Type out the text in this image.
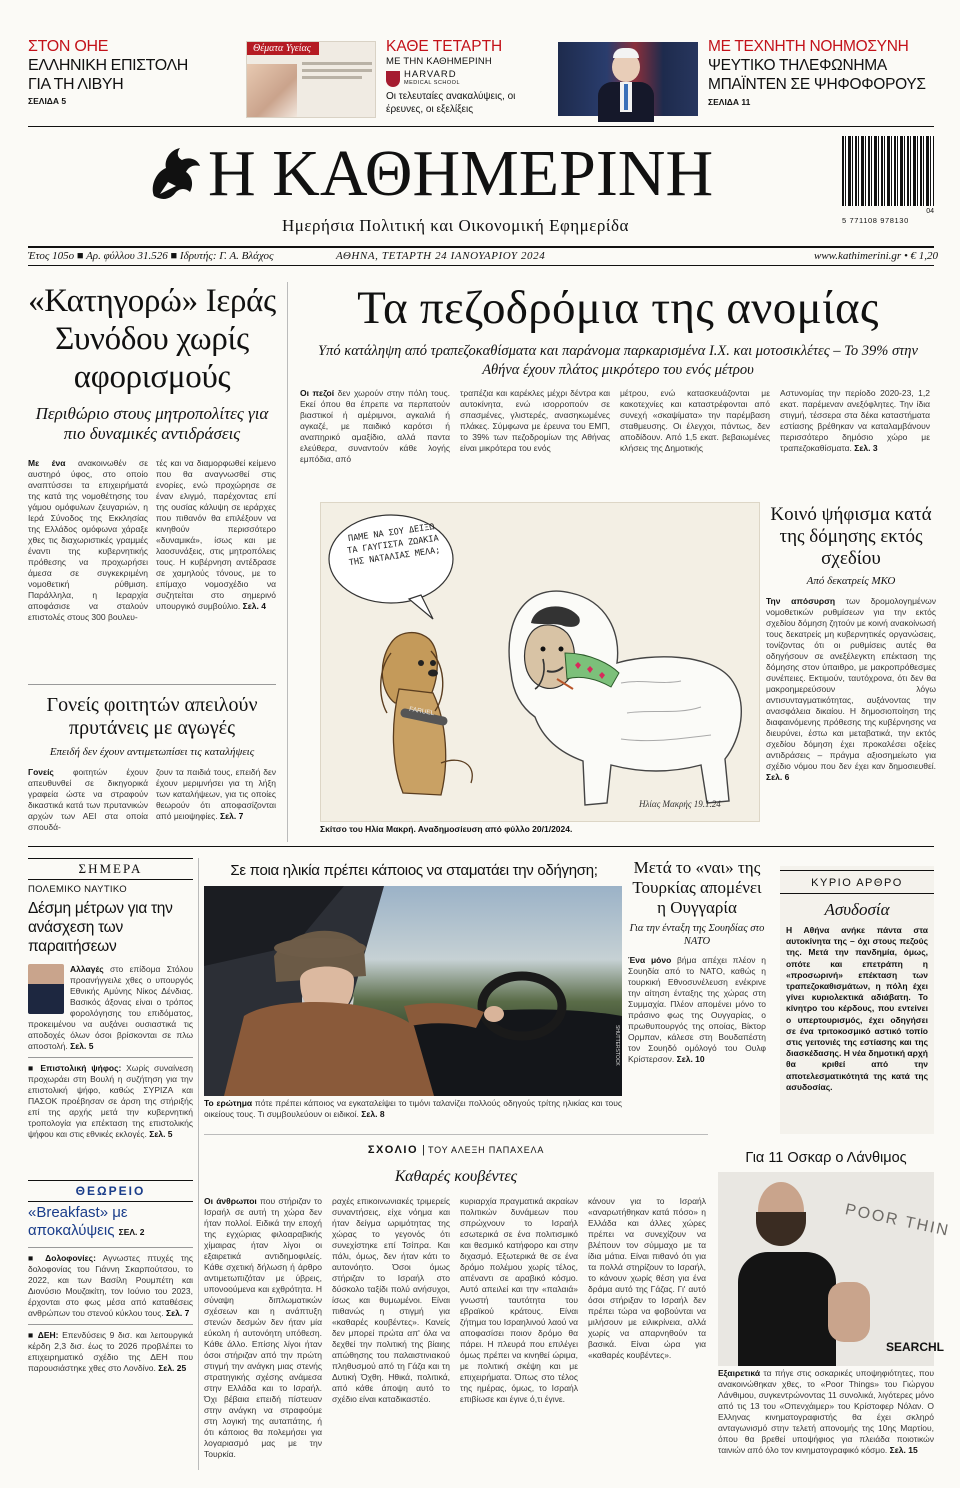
ΣΤΟΝ ΟΗΕ
ΕΛΛΗΝΙΚΗ ΕΠΙΣΤΟΛΗ ΓΙΑ ΤΗ ΛΙΒΥΗ
ΣΕΛΙΔΑ 5
Θέματα Υγείας	ΚΑΘΕ ΤΕΤΑΡΤΗ
ΜΕ ΤΗΝ ΚΑΘΗΜΕΡΙΝΗ
HARVARD
MEDICAL SCHOOL
Οι τελευταίες ανακαλύψεις, οι έρευνες, οι εξελίξεις
ΜΕ ΤΕΧΝΗΤΗ ΝΟΗΜΟΣΥΝΗ
ΨΕΥΤΙΚΟ ΤΗΛΕΦΩΝΗΜΑ ΜΠΑΪΝΤΕΝ ΣΕ ΨΗΦΟΦΟΡΟΥΣ
ΣΕΛΙΔΑ 11
Η ΚΑΘΗΜΕΡΙΝΗ
Ημερήσια Πολιτική και Οικονομική Εφημερίδα
04
5 771108 978130
Έτος 105ο ■ Αρ. φύλλου 31.526 ■ Ιδρυτής: Γ. Α. Βλάχος	ΑΘΗΝΑ, ΤΕΤΑΡΤΗ 24 ΙΑΝΟΥΑΡΙΟΥ 2024	www.kathimerini.gr • € 1,20
«Κατηγορώ» Ιεράς Συνόδου χωρίς αφορισμούς
Περιθώριο στους μητροπολίτες για πιο δυναμικές αντιδράσεις
Με ένα ανακοινωθέν σε αυστηρό ύφος, στο οποίο αναπτύσσει τα επιχειρήματά της κατά της νομοθέτησης του γάμου ομόφυλων ζευγαριών, η Ιερά Σύνοδος της Εκκλησίας της Ελλάδος ομόφωνα χάραξε χθες τις διαχωριστικές γραμμές έναντι της κυβερνητικής πρόθεσης να προχωρήσει άμεσα σε συγκεκριμένη νομοθετική ρύθμιση. Παράλληλα, η Ιεραρχία αποφάσισε να σταλούν επιστολές στους 300 βουλευ-
τές και να διαμορφωθεί κείμενο που θα αναγνωσθεί στις ενορίες, ενώ προχώρησε σε έναν ελιγμό, παρέχοντας επί της ουσίας κάλυψη σε ιεράρχες που πιθανόν θα επιλέξουν να κινηθούν περισσότερο «δυναμικά», ίσως και με λαοσυνάξεις, στις μητροπόλεις τους. Η κυβέρνηση αντέδρασε σε χαμηλούς τόνους, με το επίμαχο νομοσχέδιο να συζητείται στο σημερινό υπουργικό συμβούλιο. Σελ. 4
Γονείς φοιτητών απειλούν πρυτάνεις με αγωγές
Επειδή δεν έχουν αντιμετωπίσει τις καταλήψεις
Γονείς φοιτητών έχουν απευθυνθεί σε δικηγορικά γραφεία ώστε να στραφούν δικαστικά κατά των πρυτανικών αρχών των ΑΕΙ στα οποία σπουδά-
ζουν τα παιδιά τους, επειδή δεν έχουν μεριμνήσει για τη λήξη των καταλήψεων, για τις οποίες θεωρούν ότι αποφασίζονται από μειοψηφίες. Σελ. 7
Τα πεζοδρόμια της ανομίας
Υπό κατάληψη από τραπεζοκαθίσματα και παράνομα παρκαρισμένα Ι.Χ. και μοτοσικλέτες – Το 39% στην Αθήνα έχουν πλάτος μικρότερο του ενός μέτρου
Οι πεζοί δεν χωρούν στην πόλη τους. Εκεί όπου θα έπρεπε να περπατούν βιαστικοί ή αμέριμνοι, αγκαλιά ή αγκαζέ, με παιδικό καρότσι ή αναπηρικό αμαξίδιο, αλλά παντα ελεύθερα, συναντούν κάθε λογής εμπόδια, από
τραπέζια και καρέκλες μέχρι δέντρα και αυτοκίνητα, ενώ ισορροπούν σε σπασμένες, γλιστερές, ανασηκωμένες πλάκες. Σύμφωνα με έρευνα του ΕΜΠ, το 39% των πεζοδρομίων της Αθήνας είναι μικρότερα του ενός
μέτρου, ενώ κατασκευάζονται με κακοτεχνίες και καταστρέφονται από συνεχή «σκαψίματα» την παρέμβαση σταθμευσης. Οι έλεγχοι, πάντως, δεν αποδίδουν. Από 1,5 εκατ. βεβαιωμένες κλήσεις της Δημοτικής
Αστυνομίας την περίοδο 2020-23, 1,2 εκατ. παρέμεναν ανεξόφλητες. Την ίδια στιγμή, τέσσερα στα δέκα καταστήματα εστίασης βρέθηκαν να καταλαμβάνουν περισσότερο δημόσιο χώρο με τραπεζοκαθίσματα. Σελ. 3
ΠΑΜΕ ΝΑ ΣΟΥ ΔΕΙΞΩ ΤΑ ΓΑΥΓΙΣΤΑ ΖΩΑΚΙΑ ΤΗΣ ΝΑΤΑΛΙΑΣ ΜΕΛΑ;
FARUEL
Ηλίας Μακρής 19.1.24
Σκίτσο του Ηλία Μακρή. Αναδημοσίευση από φύλλο 20/1/2024.
Κοινό ψήφισμα κατά της δόμησης εκτός σχεδίου
Από δεκατρείς ΜΚΟ
Την απόσυρση των δρομολογημένων νομοθετικών ρυθμίσεων για την εκτός σχεδίου δόμηση ζητούν με κοινή ανακοίνωσή τους δεκατρείς μη κυβερνητικές οργανώσεις, τονίζοντας ότι οι ρυθμίσεις αυτές θα οδηγήσουν σε ανεξέλεγκτη επέκταση της δόμησης στον ύπαιθρο, με μακροπρόθεσμες συνέπειες. Εκτιμούν, ταυτόχρονα, ότι δεν θα μακροημερεύσουν λόγω αντισυνταγματικότητας, αυξάνοντας την ανασφάλεια δικαίου. Η δημοσιοποίηση της διαφαινόμενης πρόθεσης της κυβέρνησης να διευρύνει, έστω και μεταβατικά, την εκτός σχεδίου δόμηση έχει προκαλέσει οξείες αντιδράσεις – πράγμα αξιοσημείωτο για σχέδιο νόμου που δεν έχει καν δημοσιευθεί. Σελ. 6
ΣΗΜΕΡΑ
ΠΟΛΕΜΙΚΟ ΝΑΥΤΙΚΟ
Δέσμη μέτρων για την ανάσχεση των παραιτήσεων
Αλλαγές στο επίδομα Στόλου προανήγγειλε χθες ο υπουργός Εθνικής Αμύνης Νίκος Δένδιας. Βασικός άξονας είναι ο τρόπος φορολόγησης του επιδόματος, προκειμένου να αυξάνει ουσιαστικά τις αποδοχές όλων όσοι βρίσκονται σε πλω αποστολή. Σελ. 5
■ Επιστολική ψήφος: Χωρίς συναίνεση προχωράει στη Βουλή η συζήτηση για την επιστολική ψήφο, καθώς ΣΥΡΙΖΑ και ΠΑΣΟΚ προέβησαν σε άρση της στήριξής επί της αρχής μετά την κυβερνητική τροπολογία για επέκταση της επιστολικής ψήφου και στις εθνικές εκλογές. Σελ. 5
ΘΕΩΡΕΙΟ
«Breakfast» με αποκαλύψεις ΣΕΛ. 2
■ Δολοφονίες: Αγνωστες πτυχές της δολοφονίας του Γιάννη Σκαρπούτσου, το 2022, και των Βασίλη Ρουμπέτη και Διονύσιο Μουζακίτη, τον Ιούνιο του 2023, έρχονται στο φως μέσα από καταθέσεις ανθρώπων του στενού κύκλου τους. Σελ. 7
■ ΔΕΗ: Επενδύσεις 9 δισ. και λειτουργικά κέρδη 2,3 δισ. έως το 2026 προβλέπει το επιχειρηματικό σχέδιο της ΔΕΗ που παρουσιάστηκε χθες στο Λονδίνο. Σελ. 25
Σε ποια ηλικία πρέπει κάποιος να σταματάει την οδήγηση;
SHUTTERSTOCK
Το ερώτημα πότε πρέπει κάποιος να εγκαταλείψει το τιμόνι ταλανίζει πολλούς οδηγούς τρίτης ηλικίας και τους οικείους τους. Τι συμβουλεύουν οι ειδικοί. Σελ. 8
Μετά το «ναι» της Τουρκίας απομένει η Ουγγαρία
Για την ένταξη της Σουηδίας στο ΝΑΤΟ
Ένα μόνο βήμα απέχει πλέον η Σουηδία από το ΝΑΤΟ, καθώς η τουρκική Εθνοσυνέλευση ενέκρινε την αίτηση ένταξης της χώρας στη Συμμαχία. Πλέον απομένει μόνο το πράσινο φως της Ουγγαρίας, ο πρωθυπουργός της οποίας, Βίκτορ Ορμπαν, κάλεσε στη Βουδαπέστη τον Σουηδό ομόλογό του Ουλφ Κρίστερσον. Σελ. 10
ΚΥΡΙΟ ΑΡΘΡΟ
Ασυδοσία
Η Αθήνα ανήκε πάντα στα αυτοκίνητα της – όχι στους πεζούς της. Μετά την πανδημία, όμως, οπότε και επετράπη η «προσωρινή» επέκταση των τραπεζοκαθισμάτων, η πόλη έχει γίνει κυριολεκτικά αδιάβατη. Το κίνητρο του κέρδους, που εντείνει ο υπερτουρισμός, έχει οδηγήσει σε ένα τριτοκοσμικό αστικό τοπίο στις γειτονιές της εστίασης και της διασκέδασης. Η νέα δημοτική αρχή θα κριθεί από την αποτελεσματικότητά της κατά της ασυδοσίας.
ΣΧΟΛΙΟ | ΤΟΥ ΑΛΕΞΗ ΠΑΠΑΧΕΛΑ
Καθαρές κουβέντες
Οι άνθρωποι που στήριζαν το Ισραήλ σε αυτή τη χώρα δεν ήταν πολλοί. Ειδικά την εποχή της εγχώριας φιλοαραβικής χίμαιρας ήταν λίγοι οι εξαιρετικά αντιδημοφιλείς. Κάθε σχετική δήλωση ή άρθρο αντιμετωπιζόταν με ύβρεις, υπονοούμενα και εχθρότητα. Η σύναψη διπλωματικών σχέσεων και η ανάπτυξη στενών δεσμών δεν ήταν μία εύκολη ή αυτονόητη υπόθεση. Κάθε άλλο. Επίσης λίγοι ήταν όσοι στήριζαν από την πρώτη στιγμή την ανάγκη μιας στενής στρατηγικής σχέσης ανάμεσα στην Ελλάδα και το Ισραήλ. Όχι βέβαια επειδή πίστευαν στην ανάγκη να στραφούμε στη λογική της αυταπάτης, ή ότι κάποιος θα πολεμήσει για λογαριασμό μας με την Τουρκία.
ραχές επικοινωνιακές τριμερείς συναντήσεις, είχε νόημα και ήταν δείγμα ωριμότητας της χώρας το γεγονός ότι συνεχίστηκε επί Τσίπρα. Και πάλι, όμως, δεν ήταν κάτι το αυτονόητο. Όσοι όμως στήριζαν το Ισραήλ στο δύσκολο ταξίδι πολύ ανήσυχοι, ίσως και θυμωμένοι. Είναι πιθανώς η στιγμή για «καθαρές κουβέντες». Κανείς δεν μπορεί πρώτα απ' όλα να δεχθεί την πολιτική της βίαιης απώθησης του παλαιστινιακού πληθυσμού από τη Γάζα και τη Δυτική Όχθη. Ηθικά, πολιτικά, από κάθε άποψη αυτό το σχέδιο είναι καταδικαστέο.
κυριαρχία πραγματικά ακραίων πολιτικών δυνάμεων που σπρώχνουν το Ισραήλ εσωτερικά σε ένα πολιτισμικό και θεσμικό κατήφορο και στην διχασμό. Εξωτερικά θε σε ένα δρόμο πολέμου χωρίς τέλος, απέναντι σε αραβικό κόσμο. Αυτό απειλεί και την «παλαιά» γνωστή ταυτότητα του εβραϊκού κράτους. Είναι ζήτημα του Ισραηλινού λαού να αποφασίσει ποιον δρόμο θα πάρει. Η πλευρά που επιλέγει όμως πρέπει να κινηθεί ώριμα, με πολιτική σκέψη και με επιχειρήματα. Όπως στο τέλος της ημέρας, όμως, το Ισραήλ επιβίωσε και έγινε ό,τι έγινε.
κάνουν για το Ισραήλ «αναρωτήθηκαν κατά πόσο» η Ελλάδα και άλλες χώρες πρέπει να συνεχίζουν να βλέπουν τον σύμμαχο με τα ίδια μάτια. Είναι πιθανό ότι για τα πολλά στηρίζουν το Ισραήλ, το κάνουν χωρίς θέση για ένα δράμα αυτό της Γάζας. Γι' αυτό όσοι στήριξαν το Ισραήλ δεν πρέπει τώρα να φοβούνται να μιλήσουν με ειλικρίνεια, αλλά χωρίς να απαρνηθούν τα βασικά. Είναι ώρα για «καθαρές κουβέντες».
Για 11 Οσκαρ ο Λάνθιμος
POOR THIN
SEARCHL
Εξαιρετικά τα πήγε στις οσκαρικές υποψηφιότητες, που ανακοινώθηκαν χθες, το «Poor Things» του Γιώργου Λάνθιμου, συγκεντρώνοντας 11 συνολικά, λιγότερες μόνο από τις 13 του «Οπενχάιμερ» του Κρίστοφερ Νόλαν. Ο Ελληνας κινηματογραφιστής θα έχει σκληρό ανταγωνισμό στην τελετή απονομής της 10ης Μαρτίου, όπου θα βρεθεί υποψήφιος για πλειάδα ποιοτικών ταινιών από όλο τον κινηματογραφικό κόσμο. Σελ. 15
